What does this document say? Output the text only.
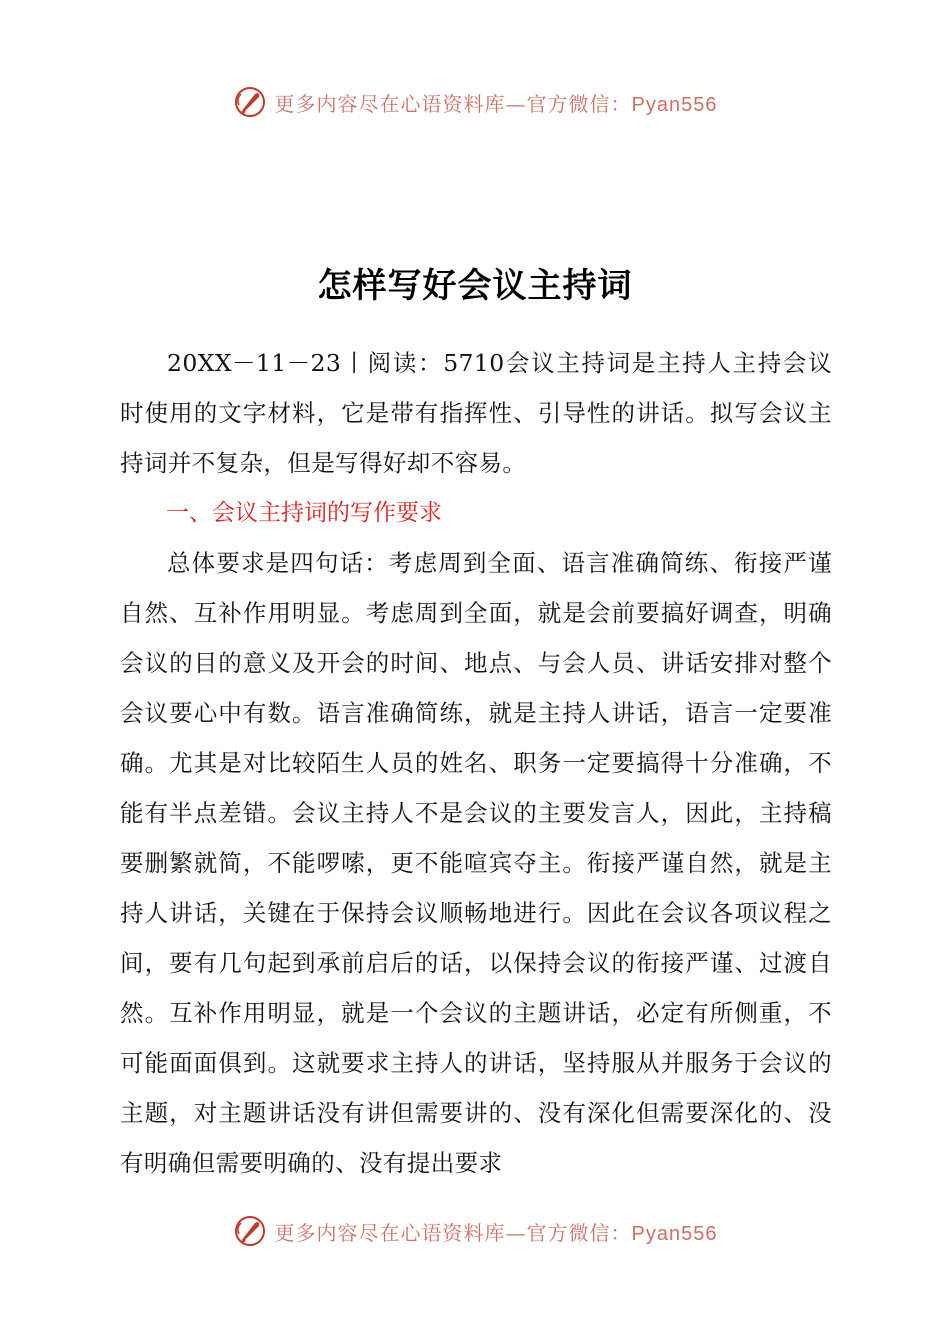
更多内容尽在心语资料库—官方微信：Pyan556
怎样写好会议主持词

20XX－11－23丨阅读：5710会议主持词是主持人主持会议时使用的文字材料，它是带有指挥性、引导性的讲话。拟写会议主持词并不复杂，但是写得好却不容易。

一、会议主持词的写作要求

总体要求是四句话：考虑周到全面、语言准确简练、衔接严谨自然、互补作用明显。考虑周到全面，就是会前要搞好调查，明确会议的目的意义及开会的时间、地点、与会人员、讲话安排对整个会议要心中有数。语言准确简练，就是主持人讲话，语言一定要准确。尤其是对比较陌生人员的姓名、职务一定要搞得十分准确，不能有半点差错。会议主持人不是会议的主要发言人，因此，主持稿要删繁就简，不能啰嗦，更不能喧宾夺主。衔接严谨自然，就是主持人讲话，关键在于保持会议顺畅地进行。因此在会议各项议程之间，要有几句起到承前启后的话，以保持会议的衔接严谨、过渡自然。互补作用明显，就是一个会议的主题讲话，必定有所侧重，不可能面面俱到。这就要求主持人的讲话，坚持服从并服务于会议的主题，对主题讲话没有讲但需要讲的、没有深化但需要深化的、没有明确但需要明确的、没有提出要求

更多内容尽在心语资料库—官方微信：Pyan556
